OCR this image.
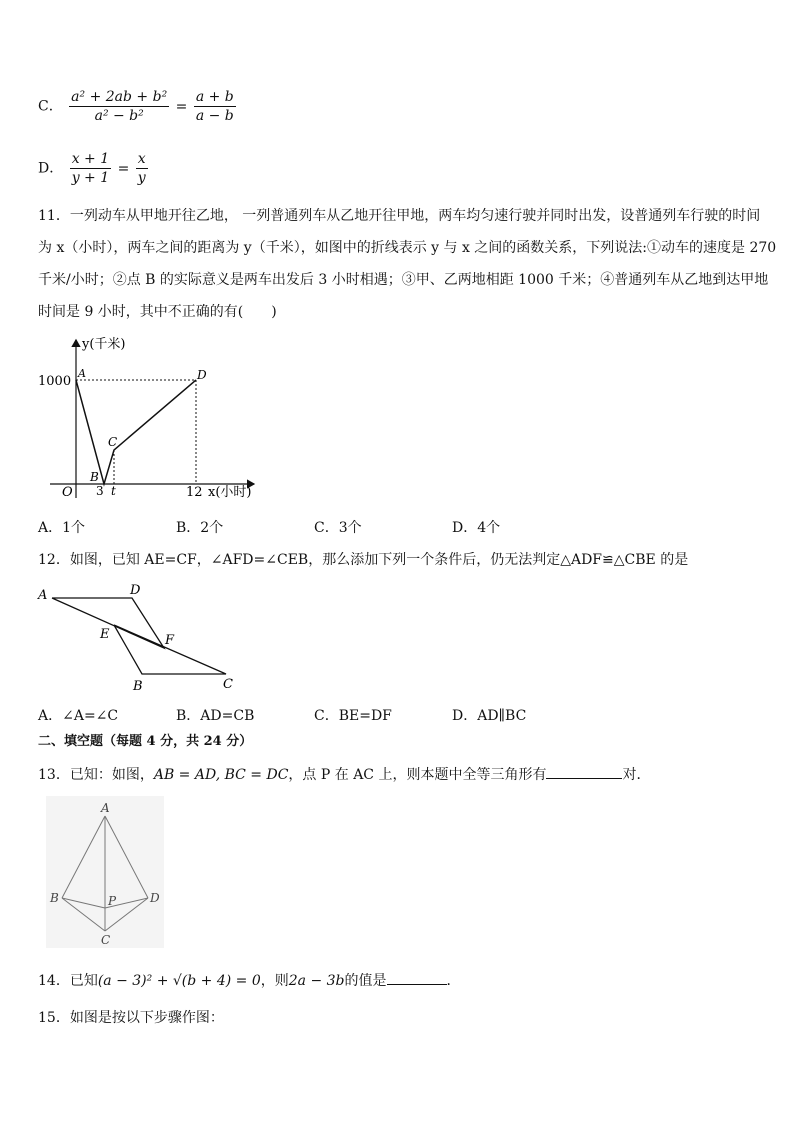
C． $\frac{\text{a² + 2ab + b²}}{\text{a² − b²}} = \frac{a + b}{a - b}$
D． $\frac{x + 1}{y + 1} = \frac{x}{y}$
11．一列动车从甲地开往乙地， 一列普通列车从乙地开往甲地，两车均匀速行驶并同时出发，设普通列车行驶的时间
为 x（小时），两车之间的距离为 y（千米），如图中的折线表示 y 与 x 之间的函数关系，下列说法:①动车的速度是 270
千米/小时；②点 B 的实际意义是两车出发后 3 小时相遇；③甲、乙两地相距 1000 千米；④普通列车从乙地到达甲地
时间是 9 小时，其中不正确的有(　　)
y(千米)
x(小时)
1000
O 3 t	12
A
B
C
D
A．1个	B．2个	C．3个	D．4个
12．如图，已知 AE=CF，∠AFD=∠CEB，那么添加下列一个条件后，仍无法判定△ADF≌△CBE 的是
A	D
E	F
B	C
A．∠A=∠C	B．AD=CB	C．BE=DF	D．AD∥BC
二、填空题（每题 4 分，共 24 分）
13．已知：如图，AB = AD, BC = DC，点 P 在 AC 上，则本题中全等三角形有	对．
A
B	D
P
C
14．已知(a − 3)² + √(b + 4) = 0，则2a − 3b的值是	．
15．如图是按以下步骤作图：
